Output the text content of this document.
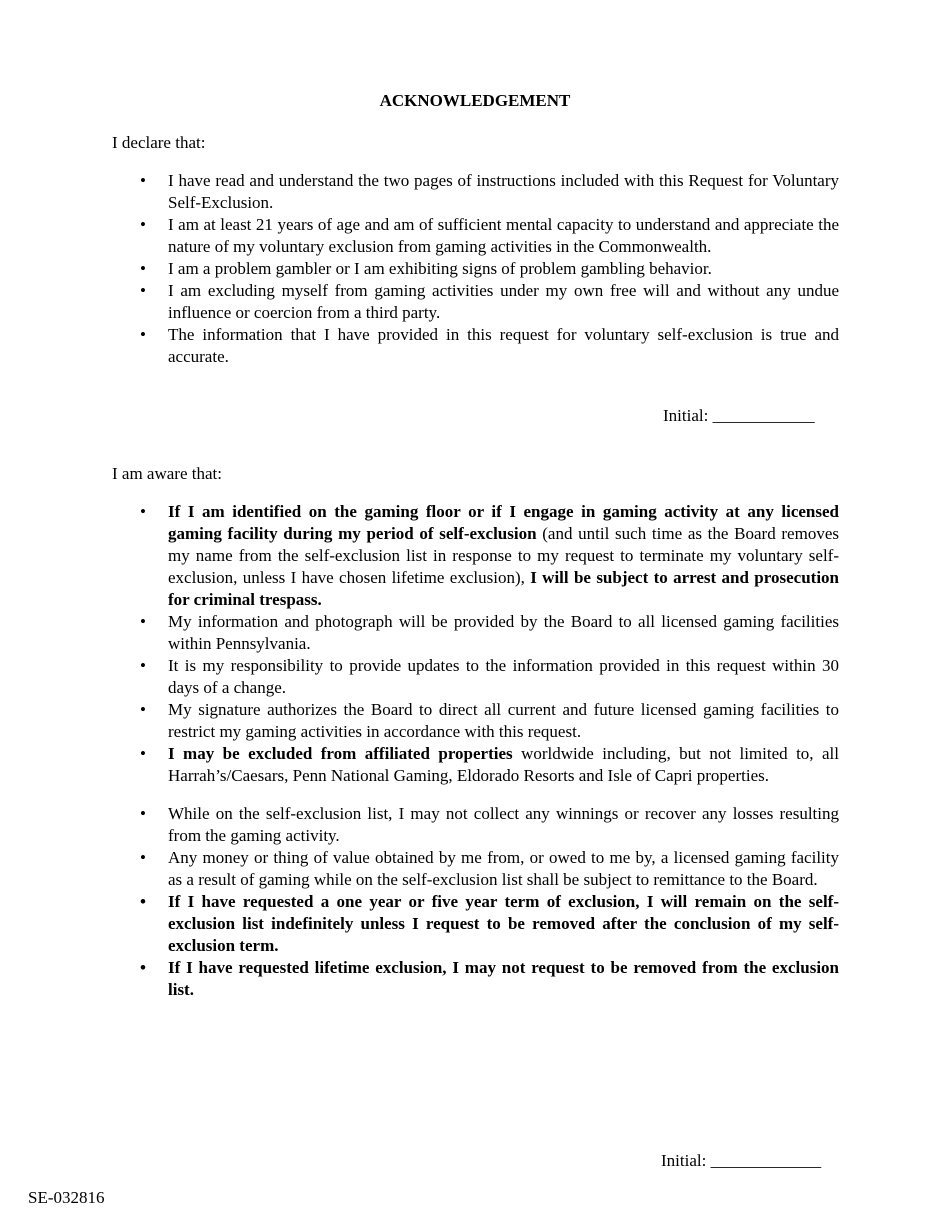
ACKNOWLEDGEMENT
I declare that:
• I have read and understand the two pages of instructions included with this Request for Voluntary Self-Exclusion.
• I am at least 21 years of age and am of sufficient mental capacity to understand and appreciate the nature of my voluntary exclusion from gaming activities in the Commonwealth.
• I am a problem gambler or I am exhibiting signs of problem gambling behavior.
• I am excluding myself from gaming activities under my own free will and without any undue influence or coercion from a third party.
• The information that I have provided in this request for voluntary self-exclusion is true and accurate.
Initial: ____________
I am aware that:
• If I am identified on the gaming floor or if I engage in gaming activity at any licensed gaming facility during my period of self-exclusion (and until such time as the Board removes my name from the self-exclusion list in response to my request to terminate my voluntary self-exclusion, unless I have chosen lifetime exclusion), I will be subject to arrest and prosecution for criminal trespass.
• My information and photograph will be provided by the Board to all licensed gaming facilities within Pennsylvania.
• It is my responsibility to provide updates to the information provided in this request within 30 days of a change.
• My signature authorizes the Board to direct all current and future licensed gaming facilities to restrict my gaming activities in accordance with this request.
• I may be excluded from affiliated properties worldwide including, but not limited to, all Harrah’s/Caesars, Penn National Gaming, Eldorado Resorts and Isle of Capri properties.
• While on the self-exclusion list, I may not collect any winnings or recover any losses resulting from the gaming activity.
• Any money or thing of value obtained by me from, or owed to me by, a licensed gaming facility as a result of gaming while on the self-exclusion list shall be subject to remittance to the Board.
• If I have requested a one year or five year term of exclusion, I will remain on the self-exclusion list indefinitely unless I request to be removed after the conclusion of my self-exclusion term.
• If I have requested lifetime exclusion, I may not request to be removed from the exclusion list.
Initial: _____________
SE-032816
